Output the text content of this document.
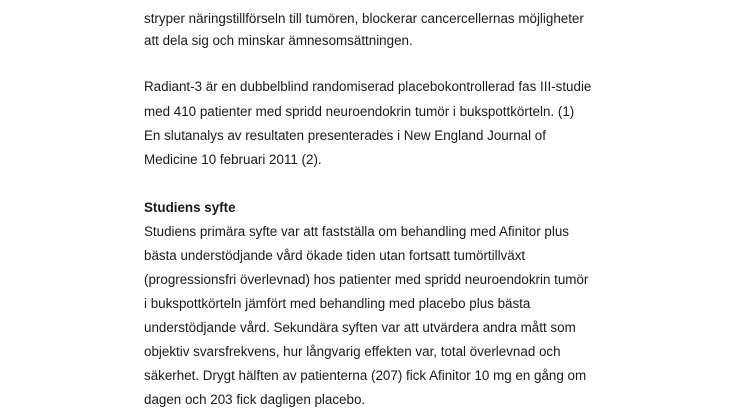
stryper näringstillförseln till tumören, blockerar cancercellernas möjligheter

att dela sig och minskar ämnesomsättningen.

Radiant-3 är en dubbelblind randomiserad placebokontrollerad fas III-studie

med 410 patienter med spridd neuroendokrin tumör i bukspottkörteln. (1)

En slutanalys av resultaten presenterades i New England Journal of

Medicine 10 februari 2011 (2).

Studiens syfte

Studiens primära syfte var att fastställa om behandling med Afinitor plus

bästa understödjande vård ökade tiden utan fortsatt tumörtillväxt

(progressionsfri överlevnad) hos patienter med spridd neuroendokrin tumör

i bukspottkörteln jämfört med behandling med placebo plus bästa

understödjande vård. Sekundära syften var att utvärdera andra mått som

objektiv svarsfrekvens, hur långvarig effekten var, total överlevnad och

säkerhet. Drygt hälften av patienterna (207) fick Afinitor 10 mg en gång om

dagen och 203 fick dagligen placebo.
